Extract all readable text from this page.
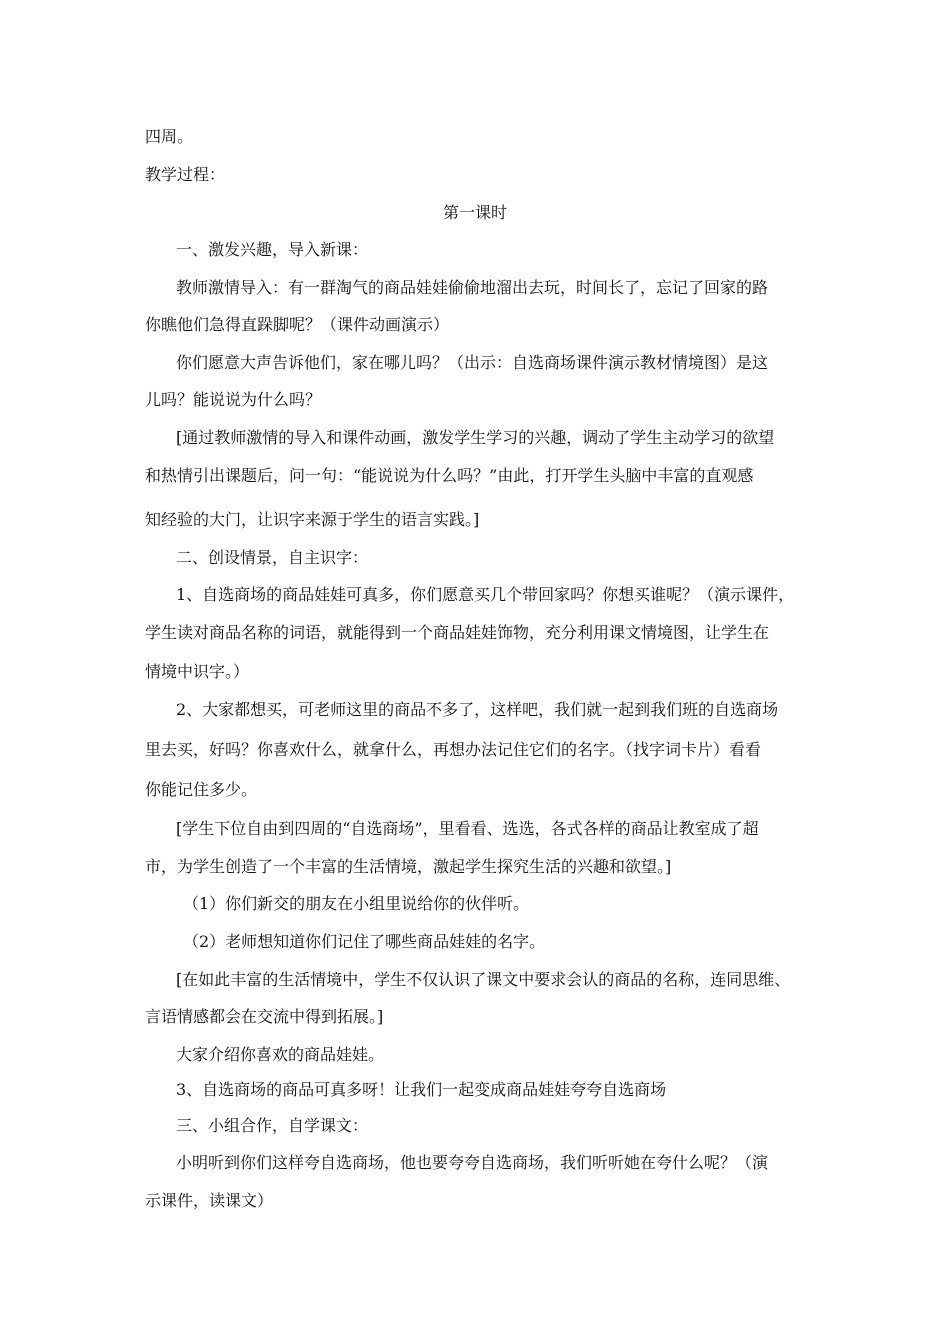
四周。
教学过程：
第一课时
一、激发兴趣，导入新课：
教师激情导入：有一群淘气的商品娃娃偷偷地溜出去玩，时间长了，忘记了回家的路
你瞧他们急得直跺脚呢？（课件动画演示）
你们愿意大声告诉他们，家在哪儿吗？（出示：自选商场课件演示教材情境图）是这
儿吗？能说说为什么吗？
[通过教师激情的导入和课件动画，激发学生学习的兴趣，调动了学生主动学习的欲望
和热情引出课题后，问一句：“能说说为什么吗？”由此，打开学生头脑中丰富的直观感
知经验的大门，让识字来源于学生的语言实践。]
二、创设情景，自主识字：
1、自选商场的商品娃娃可真多，你们愿意买几个带回家吗？你想买谁呢？（演示课件，
学生读对商品名称的词语，就能得到一个商品娃娃饰物，充分利用课文情境图，让学生在
情境中识字。）
2、大家都想买，可老师这里的商品不多了，这样吧，我们就一起到我们班的自选商场
里去买，好吗？你喜欢什么，就拿什么，再想办法记住它们的名字。（找字词卡片）看看
你能记住多少。
[学生下位自由到四周的“自选商场”，里看看、选选，各式各样的商品让教室成了超
市，为学生创造了一个丰富的生活情境，激起学生探究生活的兴趣和欲望。]
（1）你们新交的朋友在小组里说给你的伙伴听。
（2）老师想知道你们记住了哪些商品娃娃的名字。
[在如此丰富的生活情境中，学生不仅认识了课文中要求会认的商品的名称，连同思维、
言语情感都会在交流中得到拓展。]
大家介绍你喜欢的商品娃娃。
3、自选商场的商品可真多呀！让我们一起变成商品娃娃夸夸自选商场
三、小组合作，自学课文：
小明听到你们这样夸自选商场，他也要夸夸自选商场，我们听听她在夸什么呢？（演
示课件，读课文）
